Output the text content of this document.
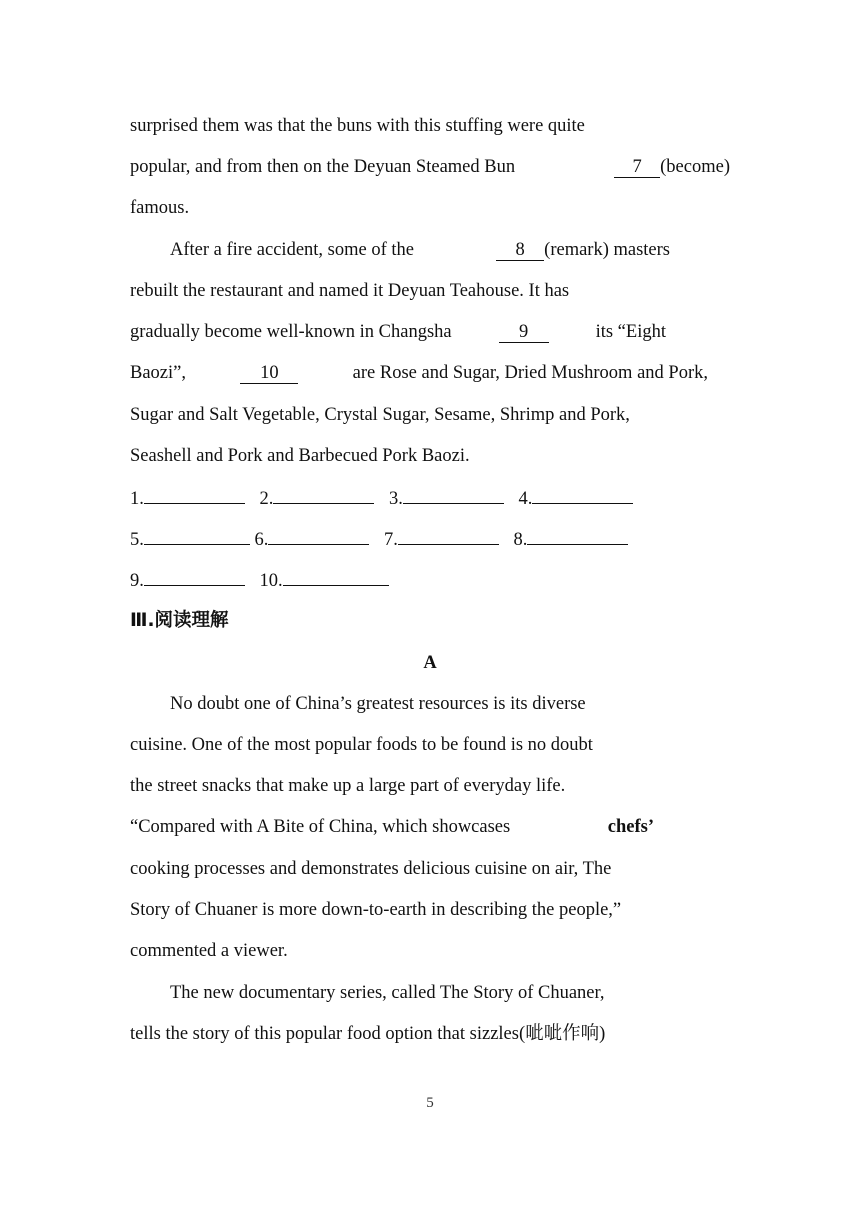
surprised them was that the buns with this stuffing were quite
popular, and from then on the Deyuan Steamed Bun	7 (become)
famous.
After a fire accident, some of the	8 (remark) masters
rebuilt the restaurant and named it Deyuan Teahouse. It has
gradually become well-known in Changsha	9	its “Eight
Baozi”,	10	are Rose and Sugar, Dried Mushroom and Pork,
Sugar and Salt Vegetable, Crystal Sugar, Sesame, Shrimp and Pork,
Seashell and Pork and Barbecued Pork Baozi.
1.	2.	3.	4.
5.	6.	7.	8.
9.	10.
Ⅲ.阅读理解
A
No doubt one of China’s greatest resources is its diverse
cuisine. One of the most popular foods to be found is no doubt
the street snacks that make up a large part of everyday life.
“Compared with A Bite of China, which showcases	chefs’
cooking processes and demonstrates delicious cuisine on air, The
Story of Chuaner is more down-to-earth in describing the people,”
commented a viewer.
The new documentary series, called The Story of Chuaner,
tells the story of this popular food option that sizzles(呲呲作响)
5
